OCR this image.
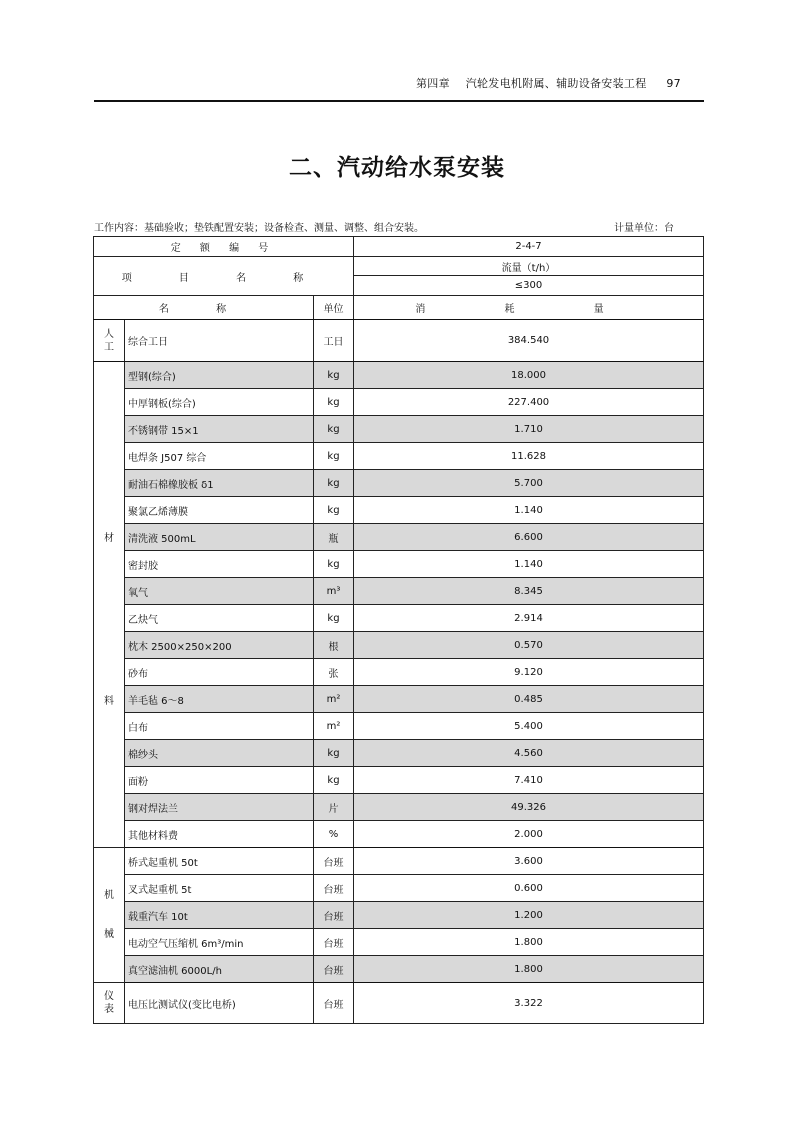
第四章 汽轮发电机附属、辅助设备安装工程 97
二、汽动给水泵安装
工作内容：基础验收；垫铁配置安装；设备检查、测量、调整、组合安装。	计量单位：台
定 额 编 号			2-4-7
项 目 名 称			流量（t/h）
			≤300
名 称		单位	消 耗 量
人工	综合工日	工日	384.540

材
料	型钢(综合)	kg	18.000
	中厚钢板(综合)	kg	227.400
	不锈钢带 15×1	kg	1.710
	电焊条 J507 综合	kg	11.628
	耐油石棉橡胶板 δ1	kg	5.700
	聚氯乙烯薄膜	kg	1.140
	清洗液 500mL	瓶	6.600
	密封胶	kg	1.140
	氧气	m³	8.345
	乙炔气	kg	2.914
	枕木 2500×250×200	根	0.570
	砂布	张	9.120
	羊毛毡 6～8	m²	0.485
	白布	m²	5.400
	棉纱头	kg	4.560
	面粉	kg	7.410
	钢对焊法兰	片	49.326
	其他材料费	%	2.000

机
械	桥式起重机 50t	台班	3.600
	叉式起重机 5t	台班	0.600
	载重汽车 10t	台班	1.200
	电动空气压缩机 6m³/min	台班	1.800
	真空滤油机 6000L/h	台班	1.800
仪表	电压比测试仪(变比电桥)	台班	3.322
